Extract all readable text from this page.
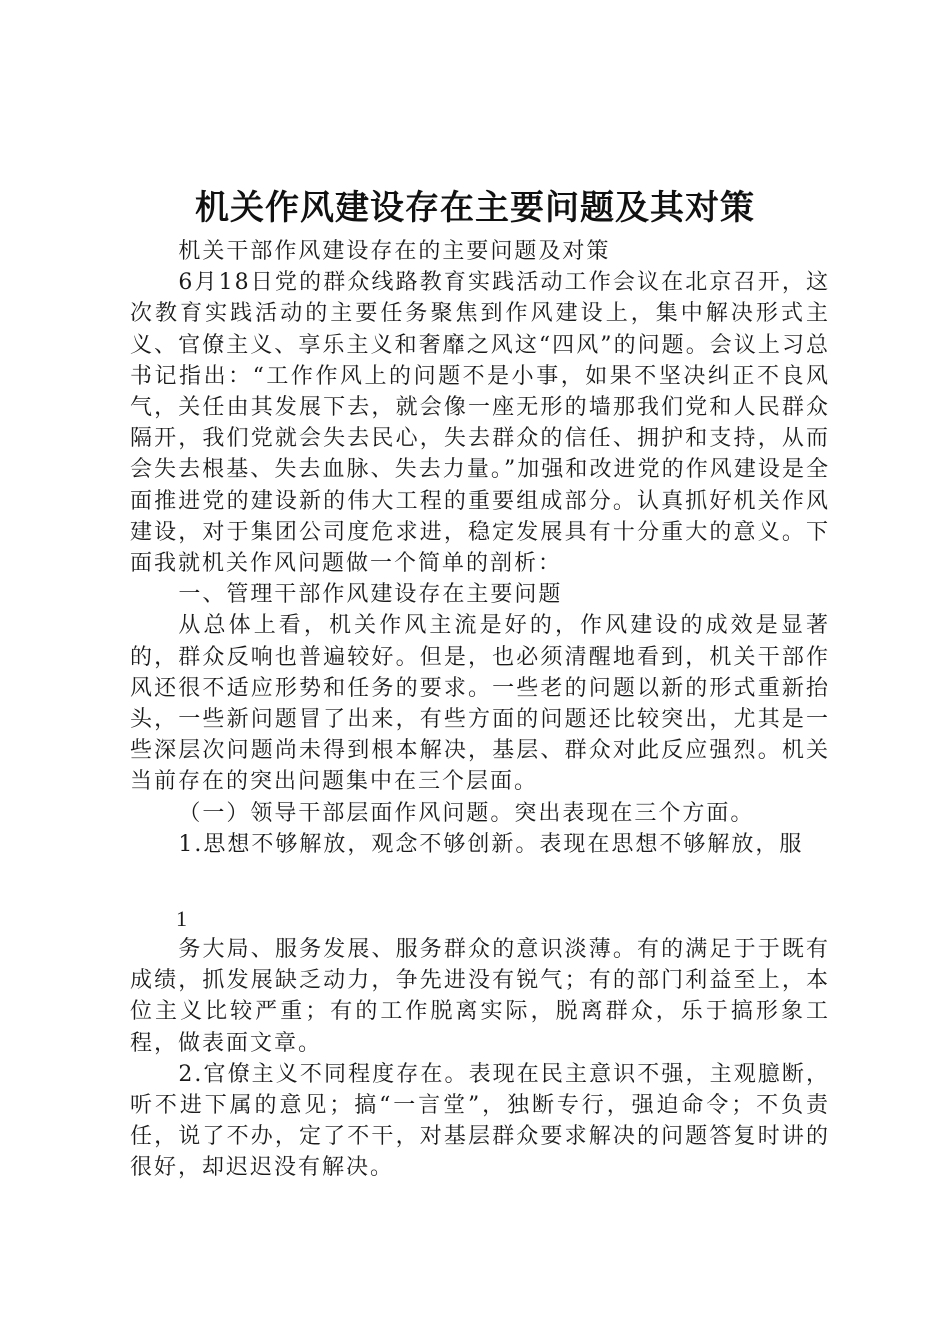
机关作风建设存在主要问题及其对策

机关干部作风建设存在的主要问题及对策

6月18日党的群众线路教育实践活动工作会议在北京召开，这次教育实践活动的主要任务聚焦到作风建设上，集中解决形式主义、官僚主义、享乐主义和奢靡之风这“四风”的问题。会议上习总书记指出：“工作作风上的问题不是小事，如果不坚决纠正不良风气，关任由其发展下去，就会像一座无形的墙那我们党和人民群众隔开，我们党就会失去民心，失去群众的信任、拥护和支持，从而会失去根基、失去血脉、失去力量。”加强和改进党的作风建设是全面推进党的建设新的伟大工程的重要组成部分。认真抓好机关作风建设，对于集团公司度危求进，稳定发展具有十分重大的意义。下面我就机关作风问题做一个简单的剖析：

一、管理干部作风建设存在主要问题

从总体上看，机关作风主流是好的，作风建设的成效是显著的，群众反响也普遍较好。但是，也必须清醒地看到，机关干部作风还很不适应形势和任务的要求。一些老的问题以新的形式重新抬头，一些新问题冒了出来，有些方面的问题还比较突出，尤其是一些深层次问题尚未得到根本解决，基层、群众对此反应强烈。机关当前存在的突出问题集中在三个层面。

（一）领导干部层面作风问题。突出表现在三个方面。

1.思想不够解放，观念不够创新。表现在思想不够解放，服

1

务大局、服务发展、服务群众的意识淡薄。有的满足于于既有成绩，抓发展缺乏动力，争先进没有锐气；有的部门利益至上，本位主义比较严重；有的工作脱离实际，脱离群众，乐于搞形象工程，做表面文章。

2.官僚主义不同程度存在。表现在民主意识不强，主观臆断，听不进下属的意见；搞“一言堂”，独断专行，强迫命令；不负责任，说了不办，定了不干，对基层群众要求解决的问题答复时讲的很好，却迟迟没有解决。
